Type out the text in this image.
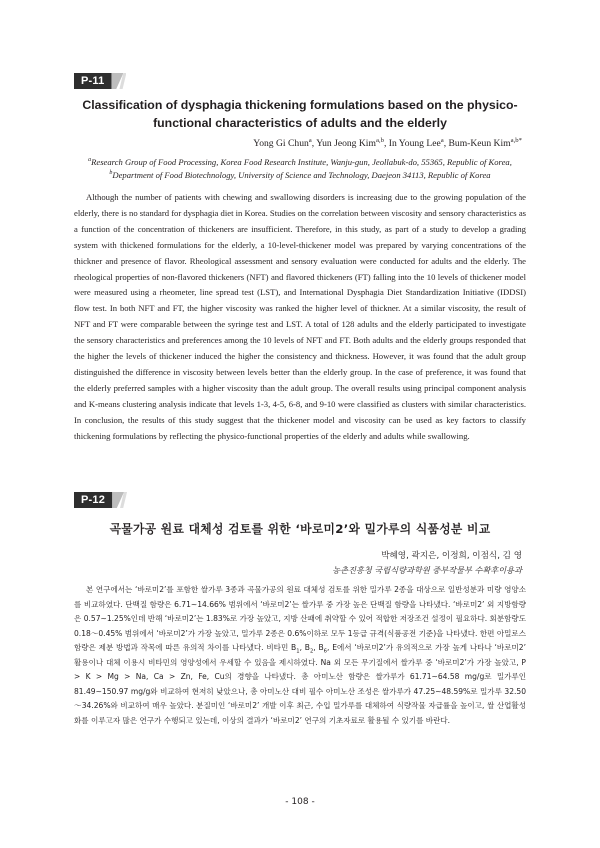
P-11
Classification of dysphagia thickening formulations based on the physico-functional characteristics of adults and the elderly
Yong Gi Chun$^a$, Yun Jeong Kim$^{a,b}$, In Young Lee$^a$, Bum-Keun Kim$^{a,b*}$
$^a$Research Group of Food Processing, Korea Food Research Institute, Wanju-gun, Jeollabuk-do, 55365, Republic of Korea,
$^b$Department of Food Biotechnology, University of Science and Technology, Daejeon 34113, Republic of Korea

Although the number of patients with chewing and swallowing disorders is increasing due to the growing population of the elderly, there is no standard for dysphagia diet in Korea. Studies on the correlation between viscosity and sensory characteristics as a function of the concentration of thickeners are insufficient. Therefore, in this study, as part of a study to develop a grading system with thickened formulations for the elderly, a 10-level-thickener model was prepared by varying concentrations of the thickner and presence of flavor. Rheological assessment and sensory evaluation were conducted for adults and the elderly. The rheological properties of non-flavored thickeners (NFT) and flavored thickeners (FT) falling into the 10 levels of thickener model were measured using a rheometer, line spread test (LST), and International Dysphagia Diet Standardization Initiative (IDDSI) flow test. In both NFT and FT, the higher viscosity was ranked the higher level of thickner. At a similar viscosity, the result of NFT and FT were comparable between the syringe test and LST. A total of 128 adults and the elderly participated to investigate the sensory characteristics and preferences among the 10 levels of NFT and FT. Both adults and the elderly groups responded that the higher the levels of thickener induced the higher the consistency and thickness. However, it was found that the adult group distinguished the difference in viscosity between levels better than the elderly group. In the case of preference, it was found that the elderly preferred samples with a higher viscosity than the adult group. The overall results using principal component analysis and K-means clustering analysis indicate that levels 1-3, 4-5, 6-8, and 9-10 were classified as clusters with similar characteristics. In conclusion, the results of this study suggest that the thickener model and viscosity can be used as key factors to classify thickening formulations by reflecting the physico-functional properties of the elderly and adults while swallowing.

P-12
곡물가공 원료 대체성 검토를 위한 ‘바로미2’와 밀가루의 식품성분 비교
박혜영, 곽지은, 이정희, 이점식, 김 영
농촌진흥청 국립식량과학원 중부작물부 수확후이용과

본 연구에서는 ‘바로미2’를 포함한 쌀가루 3종과 곡물가공의 원료 대체성 검토를 위한 밀가루 2종을 대상으로 일반성분과 미량 영양소를 비교하였다. 단백질 함량은 6.71~14.66% 범위에서 ‘바로미2’는 쌀가루 중 가장 높은 단백질 함량을 나타냈다. ‘바로미2’ 외 지방함량은 0.57~1.25%인데 반해 ‘바로미2’는 1.83%로 가장 높았고, 지방 산패에 취약할 수 있어 적합한 저장조건 설정이 필요하다. 회분함량도 0.18～0.45% 범위에서 ‘바로미2’가 가장 높았고, 밀가루 2종은 0.6%이하로 모두 1등급 규격(식품공전 기준)을 나타냈다. 한편 아밀로스 함량은 제분 방법과 작목에 따른 유의적 차이를 나타냈다. 비타민 $B_1$, $B_2$, $B_6$, E에서 ‘바로미2’가 유의적으로 가장 높게 나타나 ‘바로미2’ 활용이나 대체 이용시 비타민의 영양성에서 우세할 수 있음을 제시하였다. Na 외 모든 무기질에서 쌀가루 중 ‘바로미2’가 가장 높았고, P > K > Mg > Na, Ca > Zn, Fe, Cu의 경향을 나타냈다. 총 아미노산 함량은 쌀가루가 61.71~64.58 mg/g로 밀가루인 81.49~150.97 mg/g와 비교하여 현저히 낮았으나, 총 아미노산 대비 필수 아미노산 조성은 쌀가루가 47.25~48.59%로 밀가루 32.50～34.26%와 비교하여 매우 높았다. 분질미인 ‘바로미2’ 개발 이후 최근, 수입 밀가루를 대체하여 식량작물 자급률을 높이고, 쌀 산업활성화를 이루고자 많은 연구가 수행되고 있는데, 이상의 결과가 ‘바로미2’ 연구의 기초자료로 활용될 수 있기를 바란다.

- 108 -
